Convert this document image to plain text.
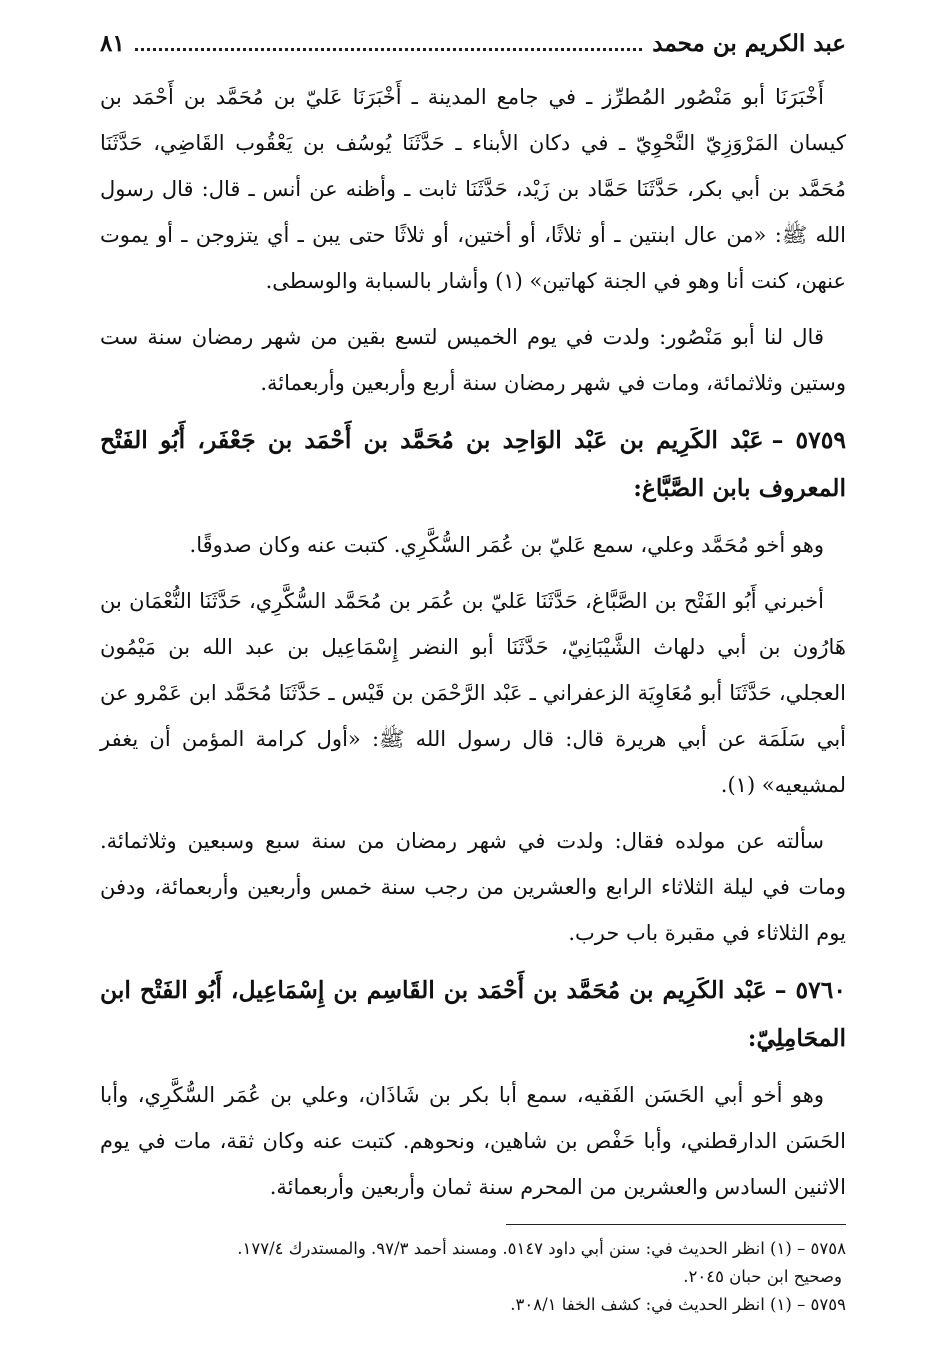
عبد الكريم بن محمد
٨١

أَخْبَرَنَا أبو مَنْصُور المُطرِّز ـ في جامع المدينة ـ أَخْبَرَنَا عَليّ بن مُحَمَّد بن أَحْمَد بن كيسان المَرْوَزِيّ النَّحْوِيّ ـ في دكان الأبناء ـ حَدَّثَنَا يُوسُف بن يَعْقُوب القَاضِي، حَدَّثَنَا مُحَمَّد بن أبي بكر، حَدَّثَنَا حَمَّاد بن زَيْد، حَدَّثَنَا ثابت ـ وأظنه عن أنس ـ قال: قال رسول الله ﷺ: «من عال ابنتين ـ أو ثلاثًا، أو أختين، أو ثلاثًا حتى يبن ـ أي يتزوجن ـ أو يموت عنهن، كنت أنا وهو في الجنة كهاتين» (١) وأشار بالسبابة والوسطى.

قال لنا أبو مَنْصُور: ولدت في يوم الخميس لتسع بقين من شهر رمضان سنة ست وستين وثلاثمائة، ومات في شهر رمضان سنة أربع وأربعين وأربعمائة.

٥٧٥٩ –عَبْد الكَرِيم بن عَبْد الوَاحِد بن مُحَمَّد بن أَحْمَد بن جَعْفَر، أَبُو الفَتْح المعروف بابن الصَّبَّاغ:

وهو أخو مُحَمَّد وعلي، سمع عَليّ بن عُمَر السُّكَّرِي. كتبت عنه وكان صدوقًا.

أخبرني أَبُو الفَتْح بن الصَّبَّاغ، حَدَّثَنَا عَليّ بن عُمَر بن مُحَمَّد السُّكَّرِي، حَدَّثَنَا النُّعْمَان بن هَارُون بن أبي دلهاث الشَّيْبَانِيّ، حَدَّثَنَا أبو النضر إِسْمَاعِيل بن عبد الله بن مَيْمُون العجلي، حَدَّثَنَا أبو مُعَاوِيَة الزعفراني ـ عَبْد الرَّحْمَن بن قَيْس ـ حَدَّثَنَا مُحَمَّد ابن عَمْرو عن أبي سَلَمَة عن أبي هريرة قال: قال رسول الله ﷺ: «أول كرامة المؤمن أن يغفر لمشيعيه» (١).

سألته عن مولده فقال: ولدت في شهر رمضان من سنة سبع وسبعين وثلاثمائة. ومات في ليلة الثلاثاء الرابع والعشرين من رجب سنة خمس وأربعين وأربعمائة، ودفن يوم الثلاثاء في مقبرة باب حرب.

٥٧٦٠ –عَبْد الكَرِيم بن مُحَمَّد بن أَحْمَد بن القَاسِم بن إِسْمَاعِيل، أَبُو الفَتْح ابن المحَامِلِيّ:

وهو أخو أبي الحَسَن الفَقيه، سمع أبا بكر بن شَاذَان، وعلي بن عُمَر السُّكَّرِي، وأبا الحَسَن الدارقطني، وأبا حَفْص بن شاهين، ونحوهم. كتبت عنه وكان ثقة، مات في يوم الاثنين السادس والعشرين من المحرم سنة ثمان وأربعين وأربعمائة.

٥٧٥٨ – (١) انظر الحديث في: سنن أبي داود ٥١٤٧. ومسند أحمد ٩٧/٣. والمستدرك ١٧٧/٤.

وصحيح ابن حبان ٢٠٤٥.

٥٧٥٩ – (١) انظر الحديث في: كشف الخفا ٣٠٨/١.
